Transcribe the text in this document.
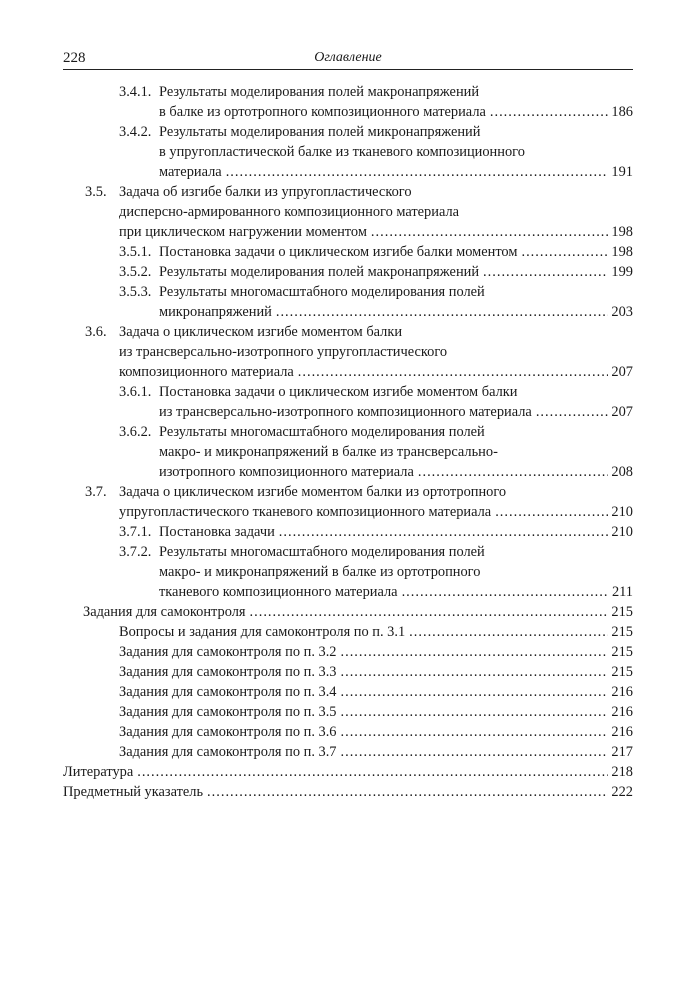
228	Оглавление
3.4.1. Результаты моделирования полей макронапряжений
в балке из ортотропного композиционного материала .....	186
3.4.2. Результаты моделирования полей микронапряжений
в упругопластической балке из тканевого композиционного
материала .....	191
3.5. Задача об изгибе балки из упругопластического
дисперсно-армированного композиционного материала
при циклическом нагружении моментом .....	198
3.5.1. Постановка задачи о циклическом изгибе балки моментом .....	198
3.5.2. Результаты моделирования полей макронапряжений .....	199
3.5.3. Результаты многомасштабного моделирования полей
микронапряжений .....	203
3.6. Задача о циклическом изгибе моментом балки
из трансверсально-изотропного упругопластического
композиционного материала .....	207
3.6.1. Постановка задачи о циклическом изгибе моментом балки
из трансверсально-изотропного композиционного материала .....	207
3.6.2. Результаты многомасштабного моделирования полей
макро- и микронапряжений в балке из трансверсально-
изотропного композиционного материала .....	208
3.7. Задача о циклическом изгибе моментом балки из ортотропного
упругопластического тканевого композиционного материала .....	210
3.7.1. Постановка задачи .....	210
3.7.2. Результаты многомасштабного моделирования полей
макро- и микронапряжений в балке из ортотропного
тканевого композиционного материала .....	211
Задания для самоконтроля .....	215
Вопросы и задания для самоконтроля по п. 3.1 .....	215
Задания для самоконтроля по п. 3.2 .....	215
Задания для самоконтроля по п. 3.3 .....	215
Задания для самоконтроля по п. 3.4 .....	216
Задания для самоконтроля по п. 3.5 .....	216
Задания для самоконтроля по п. 3.6 .....	216
Задания для самоконтроля по п. 3.7 .....	217
Литература .....	218
Предметный указатель .....	222
